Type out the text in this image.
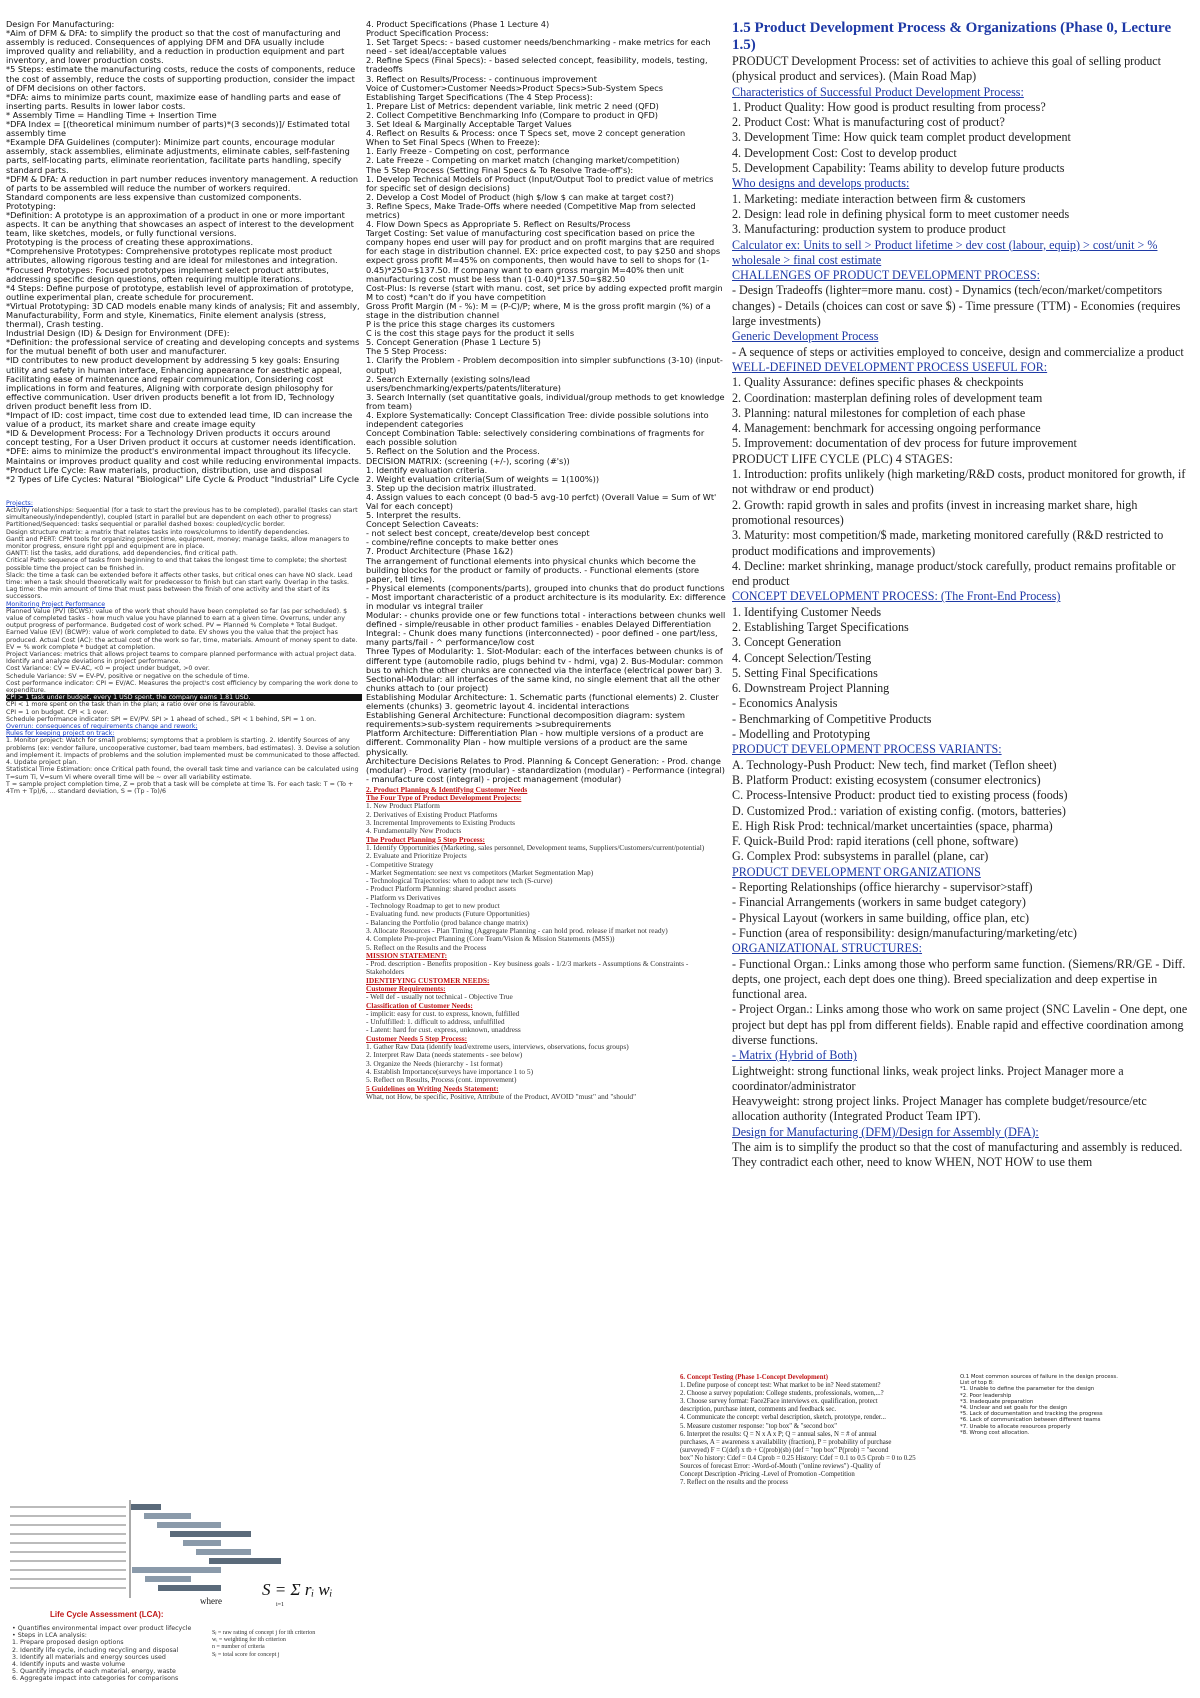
Design For Manufacturing:

*Aim of DFM & DFA: to simplify the product so that the cost of manufacturing and assembly is reduced. Consequences of applying DFM and DFA usually include improved quality and reliability, and a reduction in production equipment and part inventory, and lower production costs.

*5 Steps: estimate the manufacturing costs, reduce the costs of components, reduce the cost of assembly, reduce the costs of supporting production, consider the impact of DFM decisions on other factors.

*DFA: aims to minimize parts count, maximize ease of handling parts and ease of inserting parts. Results in lower labor costs.

* Assembly Time = Handling Time + Insertion Time

*DFA Index = [(theoretical minimum number of parts)*(3 seconds)]/ Estimated total assembly time

*Example DFA Guidelines (computer): Minimize part counts, encourage modular assembly, stack assemblies, eliminate adjustments, eliminate cables, self-fastening parts, self-locating parts, eliminate reorientation, facilitate parts handling, specify standard parts.

*DFM & DFA: A reduction in part number reduces inventory management. A reduction of parts to be assembled will reduce the number of workers required.

Standard components are less expensive than customized components.

Prototyping:

*Definition: A prototype is an approximation of a product in one or more important aspects. It can be anything that showcases an aspect of interest to the development team, like sketches, models, or fully functional versions.

Prototyping is the process of creating these approximations.

*Comprehensive Prototypes: Comprehensive prototypes replicate most product attributes, allowing rigorous testing and are ideal for milestones and integration.

*Focused Prototypes: Focused prototypes implement select product attributes, addressing specific design questions, often requiring multiple iterations.

*4 Steps: Define purpose of prototype, establish level of approximation of prototype, outline experimental plan, create schedule for procurement.

*Virtual Prototyping: 3D CAD models enable many kinds of analysis; Fit and assembly, Manufacturability, Form and style, Kinematics, Finite element analysis (stress, thermal), Crash testing.

Industrial Design (ID) & Design for Environment (DFE):

*Definition: the professional service of creating and developing concepts and systems for the mutual benefit of both user and manufacturer.

*ID contributes to new product development by addressing 5 key goals: Ensuring utility and safety in human interface, Enhancing appearance for aesthetic appeal, Facilitating ease of maintenance and repair communication, Considering cost implications in form and features, Aligning with corporate design philosophy for effective communication. User driven products benefit a lot from ID, Technology driven product benefit less from ID.

*Impact of ID: cost impact, time cost due to extended lead time, ID can increase the value of a product, its market share and create image equity

*ID & Development Process: For a Technology Driven products it occurs around concept testing, For a User Driven product it occurs at customer needs identification.

*DFE: aims to minimize the product's environmental impact throughout its lifecycle. Maintains or improves product quality and cost while reducing environmental impacts.

*Product Life Cycle: Raw materials, production, distribution, use and disposal

*2 Types of Life Cycles: Natural "Biological" Life Cycle & Product "Industrial" Life Cycle

Projects:

Activity relationships: Sequential (for a task to start the previous has to be completed), parallel (tasks can start simultaneously/independently), coupled (start in parallel but are dependent on each other to progress)

Partitioned/Sequenced: tasks sequential or parallel dashed boxes: coupled/cyclic border.

Design structure matrix: a matrix that relates tasks into rows/columns to identify dependencies.

Gantt and PERT: CPM tools for organizing project time, equipment, money; manage tasks, allow managers to monitor progress, ensure right ppl and equipment are in place.

GANTT: list the tasks, add durations, add dependencies, find critical path.

Critical Path: sequence of tasks from beginning to end that takes the longest time to complete; the shortest possible time the project can be finished in.

Slack: the time a task can be extended before it affects other tasks, but critical ones can have NO slack. Lead time: when a task should theoretically wait for predecessor to finish but can start early. Overlap in the tasks. Lag time: the min amount of time that must pass between the finish of one activity and the start of its successors.

Monitoring Project Performance

Planned Value (PV) (BCWS): value of the work that should have been completed so far (as per scheduled). $ value of completed tasks - how much value you have planned to earn at a given time. Overruns, under any output progress of performance. Budgeted cost of work sched. PV = Planned % Complete * Total Budget.

Earned Value (EV) (BCWP): value of work completed to date. EV shows you the value that the project has produced. Actual Cost (AC): the actual cost of the work so far, time, materials. Amount of money spent to date. EV = % work complete * budget at completion.

Project Variances: metrics that allows project teams to compare planned performance with actual project data. Identify and analyze deviations in project performance.

Cost Variance: CV = EV-AC, <0 = project under budget, >0 over.

Schedule Variance: SV = EV-PV, positive or negative on the schedule of time.

Cost performance indicator: CPI = EV/AC. Measures the project's cost efficiency by comparing the work done to expenditure.

CPI > 1 task under budget, every 1 USD spent, the company earns 1.81 USD.

CPI < 1 more spent on the task than in the plan; a ratio over one is favourable.

CPI = 1 on budget. CPI < 1 over.

Schedule performance indicator: SPI = EV/PV. SPI > 1 ahead of sched., SPI < 1 behind, SPI = 1 on.

Overrun: consequences of requirements change and rework;

Rules for keeping project on track:

1. Monitor project: Watch for small problems; symptoms that a problem is starting. 2. Identify Sources of any problems (ex: vendor failure, uncooperative customer, bad team members, bad estimates). 3. Devise a solution and implement it. Impacts of problems and the solution implemented must be communicated to those affected. 4. Update project plan.

Statistical Time Estimation: once Critical path found, the overall task time and variance can be calculated using T=sum Ti, V=sum Vi where overall time will be ~ over all variability estimate.

T = sample project completion time, Z = prob that a task will be complete at time Ts. For each task: T = (To + 4Tm + Tp)/6, ... standard deviation, S = (Tp - To)/6

Life Cycle Assessment (LCA):
where
S = Σ rᵢ wᵢ
i=1

• Quantifies environmental impact over product lifecycle

• Steps in LCA analysis:

1. Prepare proposed design options

2. Identify life cycle, including recycling and disposal

3. Identify all materials and energy sources used

4. Identify inputs and waste volume

5. Quantify impacts of each material, energy, waste

6. Aggregate impact into categories for comparisons

Sⱼ = raw rating of concept j for ith criterion

wᵢ = weighting for ith criterion

n = number of criteria

Sⱼ = total score for concept j

4. Product Specifications (Phase 1 Lecture 4)

Product Specification Process:

1. Set Target Specs: - based customer needs/benchmarking - make metrics for each need - set ideal/acceptable values

2. Refine Specs (Final Specs): - based selected concept, feasibility, models, testing, tradeoffs

3. Reflect on Results/Process: - continuous improvement

Voice of Customer>Customer Needs>Product Specs>Sub-System Specs

Establishing Target Specifications (The 4 Step Process):

1. Prepare List of Metrics: dependent variable, link metric 2 need (QFD)

2. Collect Competitive Benchmarking Info (Compare to product in QFD)

3. Set Ideal & Marginally Acceptable Target Values

4. Reflect on Results & Process: once T Specs set, move 2 concept generation

When to Set Final Specs (When to Freeze):

1. Early Freeze - Competing on cost, performance

2. Late Freeze - Competing on market match (changing market/competition)

The 5 Step Process (Setting Final Specs & To Resolve Trade-off's):

1. Develop Technical Models of Product (Input/Output Tool to predict value of metrics for specific set of design decisions)

2. Develop a Cost Model of Product (high $/low $ can make at target cost?)

3. Refine Specs, Make Trade-Offs where needed (Competitive Map from selected metrics)

4. Flow Down Specs as Appropriate 5. Reflect on Results/Process

Target Costing: Set value of manufacturing cost specification based on price the company hopes end user will pay for product and on profit margins that are required for each stage in distribution channel. EX: price expected cost, to pay $250 and shops expect gross profit M=45% on components, then would have to sell to shops for (1-0.45)*250=$137.50. If company want to earn gross margin M=40% then unit manufacturing cost must be less than (1-0.40)*137.50=$82.50

Cost-Plus: Is reverse (start with manu. cost, set price by adding expected profit margin M to cost) *can't do if you have competition

Gross Profit Margin (M - %): M = (P-C)/P; where, M is the gross profit margin (%) of a stage in the distribution channel

P is the price this stage charges its customers

C is the cost this stage pays for the product it sells

5. Concept Generation (Phase 1 Lecture 5)

The 5 Step Process:

1. Clarify the Problem - Problem decomposition into simpler subfunctions (3-10) (input-output)

2. Search Externally (existing solns/lead users/benchmarking/experts/patents/literature)

3. Search Internally (set quantitative goals, individual/group methods to get knowledge from team)

4. Explore Systematically: Concept Classification Tree: divide possible solutions into independent categories

Concept Combination Table: selectively considering combinations of fragments for each possible solution

5. Reflect on the Solution and the Process.

DECISION MATRIX: (screening (+/-), scoring (#'s))

1. Identify evaluation criteria.

2. Weight evaluation criteria(Sum of weights = 1(100%))

3. Step up the decision matrix illustrated.

4. Assign values to each concept (0 bad-5 avg-10 perfct) (Overall Value = Sum of Wt' Val for each concept)

5. Interpret the results.

Concept Selection Caveats:

- not select best concept, create/develop best concept

- combine/refine concepts to make better ones

7. Product Architecture (Phase 1&2)

The arrangement of functional elements into physical chunks which become the building blocks for the product or family of products. - Functional elements (store paper, tell time).

- Physical elements (components/parts), grouped into chunks that do product functions - Most important characteristic of a product architecture is its modularity. Ex: difference in modular vs integral trailer

Modular: - chunks provide one or few functions total - interactions between chunks well defined - simple/reusable in other product families - enables Delayed Differentiation

Integral: - Chunk does many functions (interconnected) - poor defined - one part/less, many parts/fail - ^ performance/low cost

Three Types of Modularity: 1. Slot-Modular: each of the interfaces between chunks is of different type (automobile radio, plugs behind tv - hdmi, vga) 2. Bus-Modular: common bus to which the other chunks are connected via the interface (electrical power bar) 3. Sectional-Modular: all interfaces of the same kind, no single element that all the other chunks attach to (our project)

Establishing Modular Architecture: 1. Schematic parts (functional elements) 2. Cluster elements (chunks) 3. geometric layout 4. incidental interactions

Establishing General Architecture: Functional decomposition diagram: system requirements>sub-system requirements >subrequirements

Platform Architecture: Differentiation Plan - how multiple versions of a product are different. Commonality Plan - how multiple versions of a product are the same physically.

Architecture Decisions Relates to Prod. Planning & Concept Generation: - Prod. change (modular) - Prod. variety (modular) - standardization (modular) - Performance (integral) - manufacture cost (integral) - project management (modular)

2. Product Planning & Identifying Customer Needs

The Four Type of Product Development Projects:

1. New Product Platform

2. Derivatives of Existing Product Platforms

3. Incremental Improvements to Existing Products

4. Fundamentally New Products

The Product Planning 5 Step Process:

1. Identify Opportunities (Marketing, sales personnel, Development teams, Suppliers/Customers/current/potential)

2. Evaluate and Prioritize Projects

- Competitive Strategy

- Market Segmentation: see next vs competitors (Market Segmentation Map)

- Technological Trajectories: when to adopt new tech (S-curve)

- Product Platform Planning: shared product assets

- Platform vs Derivatives

- Technology Roadmap to get to new product

- Evaluating fund. new products (Future Opportunities)

- Balancing the Portfolio (prod balance change matrix)

3. Allocate Resources - Plan Timing (Aggregate Planning - can hold prod. release if market not ready)

4. Complete Pre-project Planning (Core Team/Vision & Mission Statements (MSS))

5. Reflect on the Results and the Process

MISSION STATEMENT:

- Prod. description - Benefits proposition - Key business goals - 1/2/3 markets - Assumptions & Constraints - Stakeholders

IDENTIFYING CUSTOMER NEEDS:

Customer Requirements:

- Well def - usually not technical - Objective True

Classification of Customer Needs:

- implicit: easy for cust. to express, known, fulfilled

- Unfulfilled: 1. difficult to address, unfulfilled

- Latent: hard for cust. express, unknown, unaddress

Customer Needs 5 Step Process:

1. Gather Raw Data (identify lead/extreme users, interviews, observations, focus groups)

2. Interpret Raw Data (needs statements - see below)

3. Organize the Needs (hierarchy - 1st format)

4. Establish Importance(surveys have importance 1 to 5)

5. Reflect on Results, Process (cont. improvement)

5 Guidelines on Writing Needs Statement:

What, not How, be specific, Positive, Attribute of the Product, AVOID "must" and "should"

1.5 Product Development Process & Organizations (Phase 0, Lecture 1.5)

PRODUCT Development Process: set of activities to achieve this goal of selling product (physical product and services). (Main Road Map)

Characteristics of Successful Product Development Process:

1. Product Quality: How good is product resulting from process?

2. Product Cost: What is manufacturing cost of product?

3. Development Time: How quick team complet product development

4. Development Cost: Cost to develop product

5. Development Capability: Teams ability to develop future products

Who designs and develops products:

1. Marketing: mediate interaction between firm & customers

2. Design: lead role in defining physical form to meet customer needs

3. Manufacturing: production system to produce product

Calculator ex: Units to sell > Product lifetime > dev cost (labour, equip) > cost/unit > % wholesale > final cost estimate

CHALLENGES OF PRODUCT DEVELOPMENT PROCESS:

- Design Tradeoffs (lighter=more manu. cost) - Dynamics (tech/econ/market/competitors changes) - Details (choices can cost or save $) - Time pressure (TTM) - Economies (requires large investments)

Generic Development Process

- A sequence of steps or activities employed to conceive, design and commercialize a product

WELL-DEFINED DEVELOPMENT PROCESS USEFUL FOR:

1. Quality Assurance: defines specific phases & checkpoints

2. Coordination: masterplan defining roles of development team

3. Planning: natural milestones for completion of each phase

4. Management: benchmark for accessing ongoing performance

5. Improvement: documentation of dev process for future improvement

PRODUCT LIFE CYCLE (PLC) 4 STAGES:

1. Introduction: profits unlikely (high marketing/R&D costs, product monitored for growth, if not withdraw or end product)

2. Growth: rapid growth in sales and profits (invest in increasing market share, high promotional resources)

3. Maturity: most competition/$ made, marketing monitored carefully (R&D restricted to product modifications and improvements)

4. Decline: market shrinking, manage product/stock carefully, product remains profitable or end product

CONCEPT DEVELOPMENT PROCESS: (The Front-End Process)

1. Identifying Customer Needs

2. Establishing Target Specifications

3. Concept Generation

4. Concept Selection/Testing

5. Setting Final Specifications

6. Downstream Project Planning

- Economics Analysis

- Benchmarking of Competitive Products

- Modelling and Prototyping

PRODUCT DEVELOPMENT PROCESS VARIANTS:

A. Technology-Push Product: New tech, find market (Teflon sheet)

B. Platform Product: existing ecosystem (consumer electronics)

C. Process-Intensive Product: product tied to existing process (foods)

D. Customized Prod.: variation of existing config. (motors, batteries)

E. High Risk Prod: technical/market uncertainties (space, pharma)

F. Quick-Build Prod: rapid iterations (cell phone, software)

G. Complex Prod: subsystems in parallel (plane, car)

PRODUCT DEVELOPMENT ORGANIZATIONS

- Reporting Relationships (office hierarchy - supervisor>staff)

- Financial Arrangements (workers in same budget category)

- Physical Layout (workers in same building, office plan, etc)

- Function (area of responsibility: design/manufacturing/marketing/etc)

ORGANIZATIONAL STRUCTURES:

- Functional Organ.: Links among those who perform same function. (Siemens/RR/GE - Diff. depts, one project, each dept does one thing). Breed specialization and deep expertise in functional area.

- Project Organ.: Links among those who work on same project (SNC Lavelin - One dept, one project but dept has ppl from different fields). Enable rapid and effective coordination among diverse functions.

- Matrix (Hybrid of Both)

Lightweight: strong functional links, weak project links. Project Manager more a coordinator/administrator

Heavyweight: strong project links. Project Manager has complete budget/resource/etc allocation authority (Integrated Product Team IPT).

Design for Manufacturing (DFM)/Design for Assembly (DFA):

The aim is to simplify the product so that the cost of manufacturing and assembly is reduced. They contradict each other, need to know WHEN, NOT HOW to use them

6. Concept Testing (Phase 1-Concept Development)

1. Define purpose of concept test: What market to be in? Need statement?

2. Choose a survey population: College students, professionals, women,...?

3. Choose survey format: Face2Face interviews ex. qualification, protect

description, purchase intent, comments and feedback sec.

4. Communicate the concept: verbal description, sketch, prototype, render...

5. Measure customer response: "top box" & "second box"

6. Interpret the results: Q = N x A x P; Q = annual sales, N = # of annual

purchases, A = awareness x availability (fraction), P = probability of purchase

(surveyed) F = C(def) x tb + C(prob)(sb) (def = "top box" P(prob) = "second

box" No history: Cdef = 0.4 Cprob = 0.25 History: Cdef = 0.1 to 0.5 Cprob = 0 to 0.25

Sources of forecast Error: -Word-of-Mouth ("online reviews") -Quality of

Concept Description -Pricing -Level of Promotion -Competition

7. Reflect on the results and the process

O.1 Most common sources of failure in the design process.

List of top 8:

*1. Unable to define the parameter for the design

*2. Poor leadership

*3. Inadequate preparation

*4. Unclear and set goals for the design

*5. Lack of documentation and tracking the progress

*6. Lack of communication between different teams

*7. Unable to allocate resources properly

*8. Wrong cost allocation.
